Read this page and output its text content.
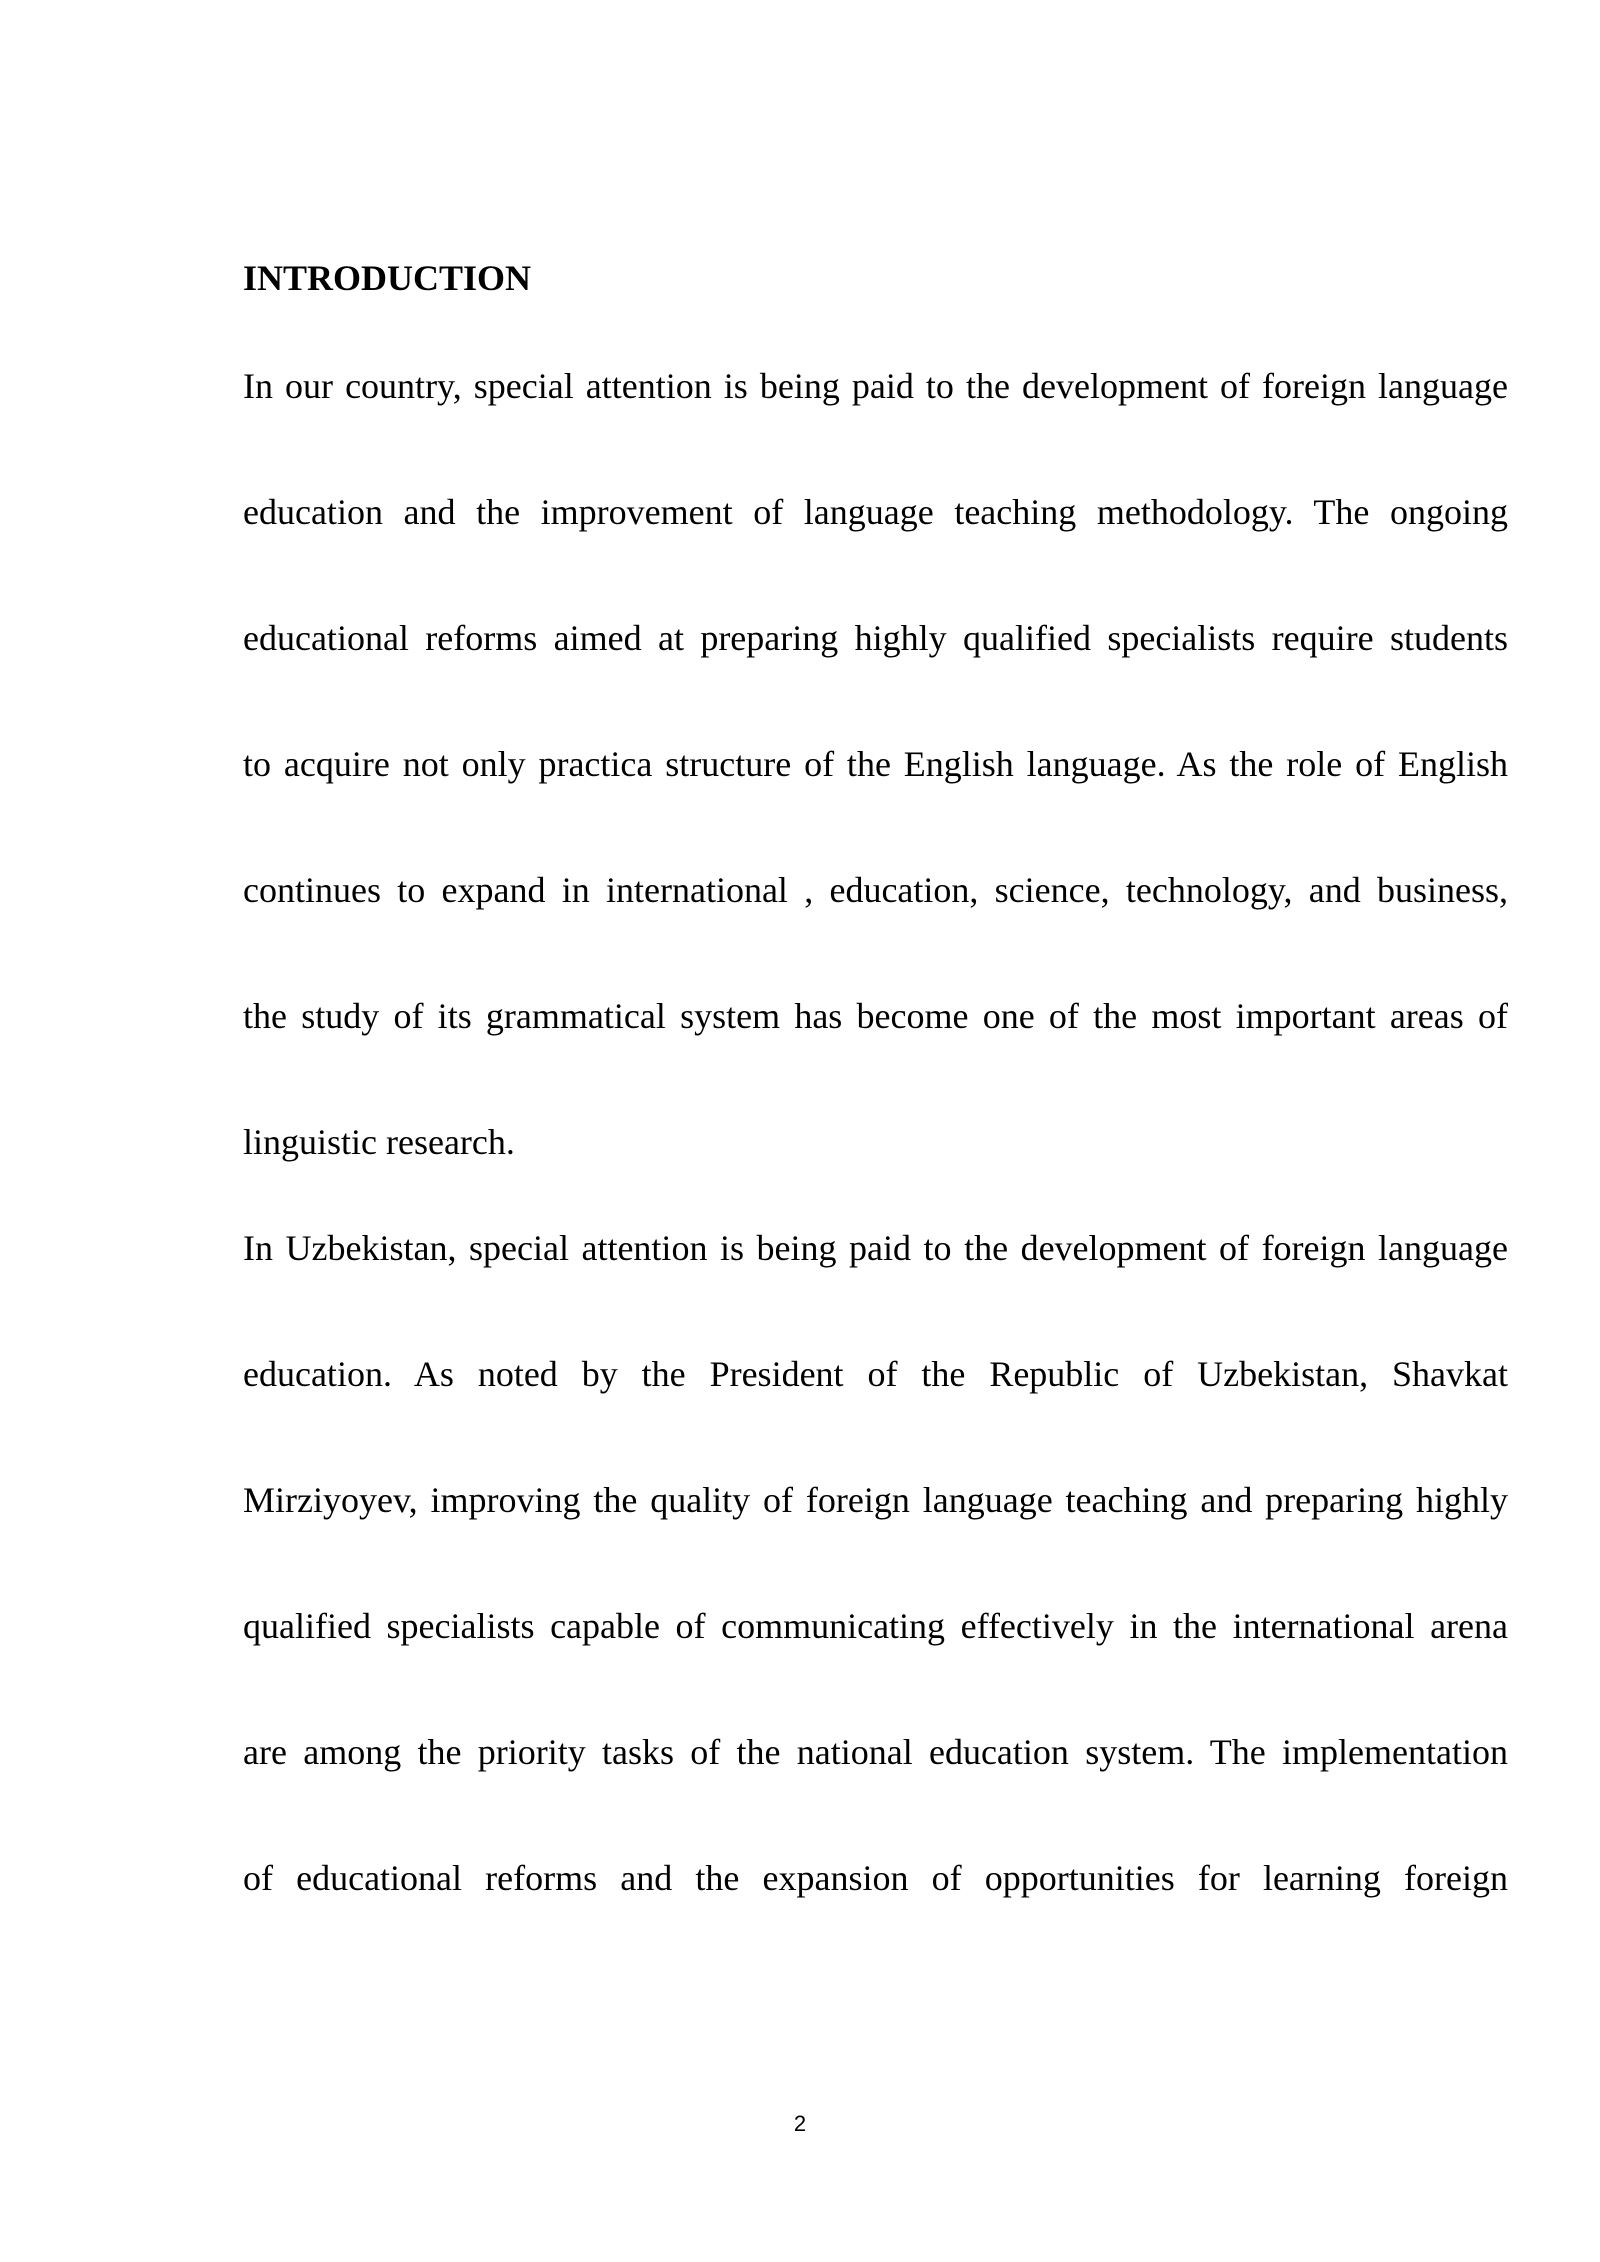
INTRODUCTION

In our country, special attention is being paid to the development of foreign language

education and the improvement of language teaching methodology. The ongoing

educational reforms aimed at preparing highly qualified specialists require students

to acquire not only practica structure of the English language. As the role of English

continues to expand in international , education, science, technology, and business,

the study of its grammatical system has become one of the most important areas of

linguistic research.

In Uzbekistan, special attention is being paid to the development of foreign language

education. As noted by the President of the Republic of Uzbekistan, Shavkat

Mirziyoyev, improving the quality of foreign language teaching and preparing highly

qualified specialists capable of communicating effectively in the international arena

are among the priority tasks of the national education system. The implementation

of educational reforms and the expansion of opportunities for learning foreign

2
